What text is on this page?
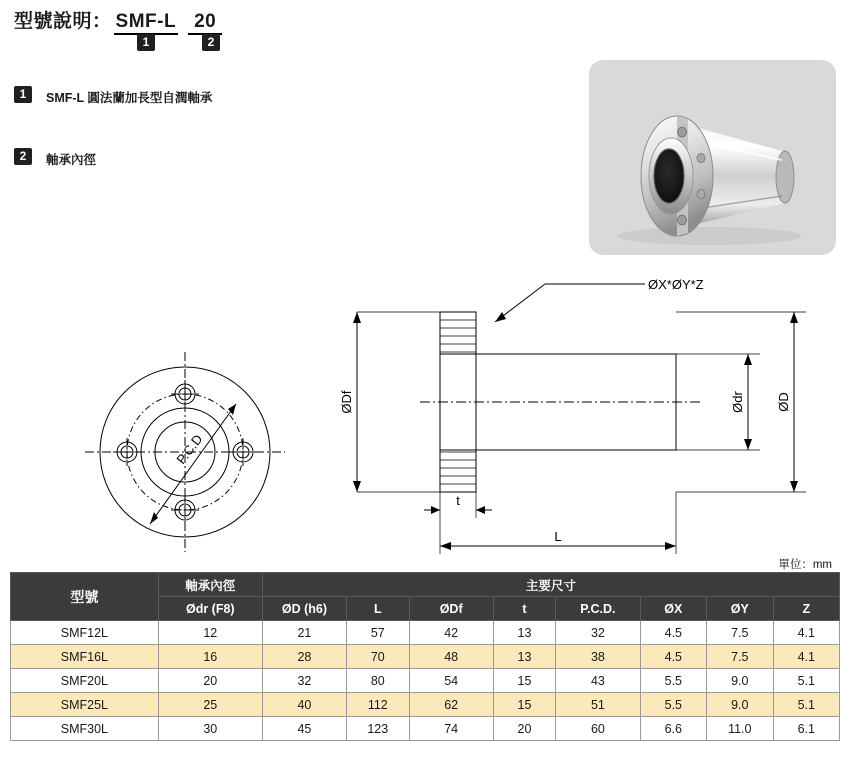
型號說明： SMF-L 20
1	2
1	SMF-L 圓法蘭加長型自潤軸承
2	軸承內徑
P.C.D
ØX*ØY*Z
ØDf	Ødr ØD
t
L
單位：mm
型號	軸承內徑	主要尺寸							
	Ødr (F8)	ØD (h6)	L	ØDf	t	P.C.D.	ØX	ØY	Z
SMF12L	12	21	57	42	13	32	4.5	7.5	4.1
SMF16L	16	28	70	48	13	38	4.5	7.5	4.1
SMF20L	20	32	80	54	15	43	5.5	9.0	5.1
SMF25L	25	40	112	62	15	51	5.5	9.0	5.1
SMF30L	30	45	123	74	20	60	6.6	11.0	6.1
